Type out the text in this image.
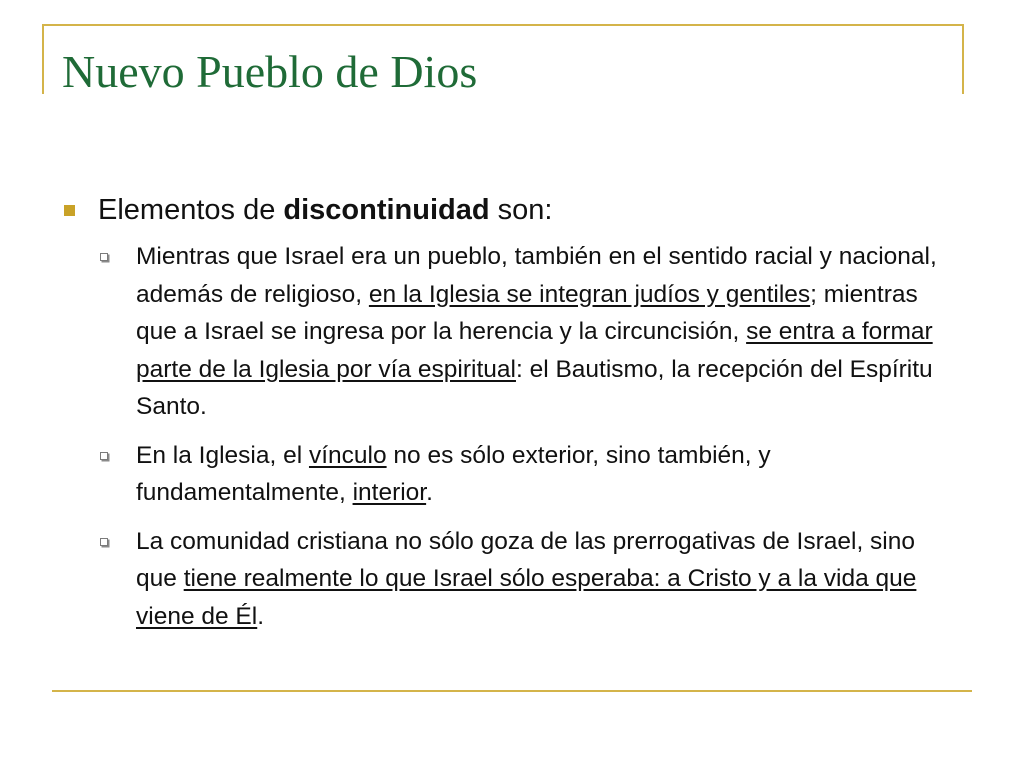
Nuevo Pueblo de Dios
Elementos de discontinuidad son:
Mientras que Israel era un pueblo, también en el sentido racial y nacional, además de religioso, en la Iglesia se integran judíos y gentiles; mientras que a Israel se ingresa por la herencia y la circuncisión, se entra a formar parte de la Iglesia por vía espiritual: el Bautismo, la recepción del Espíritu Santo.
En la Iglesia, el vínculo no es sólo exterior, sino también, y fundamentalmente, interior.
La comunidad cristiana no sólo goza de las prerrogativas de Israel, sino que tiene realmente lo que Israel sólo esperaba: a Cristo y a la vida que viene de Él.
